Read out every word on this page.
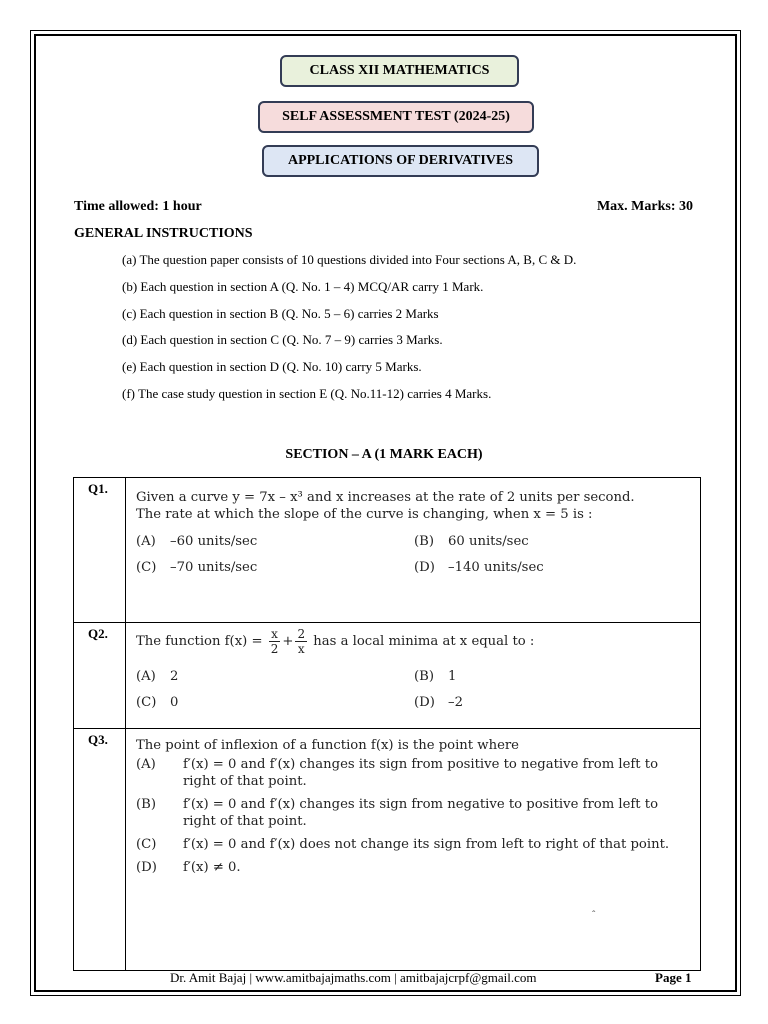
CLASS XII MATHEMATICS
SELF ASSESSMENT TEST (2024-25)
APPLICATIONS OF DERIVATIVES
Time allowed: 1 hour	Max. Marks: 30
GENERAL INSTRUCTIONS
(a) The question paper consists of 10 questions divided into Four sections A, B, C & D.
(b) Each question in section A (Q. No. 1 – 4) MCQ/AR carry 1 Mark.
(c) Each question in section B (Q. No. 5 – 6) carries 2 Marks
(d) Each question in section C (Q. No. 7 – 9) carries 3 Marks.
(e) Each question in section D (Q. No. 10) carry 5 Marks.
(f) The case study question in section E (Q. No.11-12) carries 4 Marks.
SECTION – A (1 MARK EACH)
Q1.
Given a curve y = 7x – x³ and x increases at the rate of 2 units per second.
The rate at which the slope of the curve is changing, when x = 5 is :
(A) –60 units/sec	(B) 60 units/sec
(C) –70 units/sec	(D) –140 units/sec
Q2.
The function $f(x) = \frac{x}{2} + \frac{2}{x}$ has a local minima at x equal to :
(A) 2	(B) 1
(C) 0	(D) –2
Q3. The point of inflexion of a function f(x) is the point where
(A) f′(x) = 0 and f′(x) changes its sign from positive to negative from left to right of that point.
(B) f′(x) = 0 and f′(x) changes its sign from negative to positive from left to right of that point.
(C) f′(x) = 0 and f′(x) does not change its sign from left to right of that point.
(D) f′(x) ≠ 0.
ˆ
Dr. Amit Bajaj | www.amitbajajmaths.com | amitbajajcrpf@gmail.com	Page 1
